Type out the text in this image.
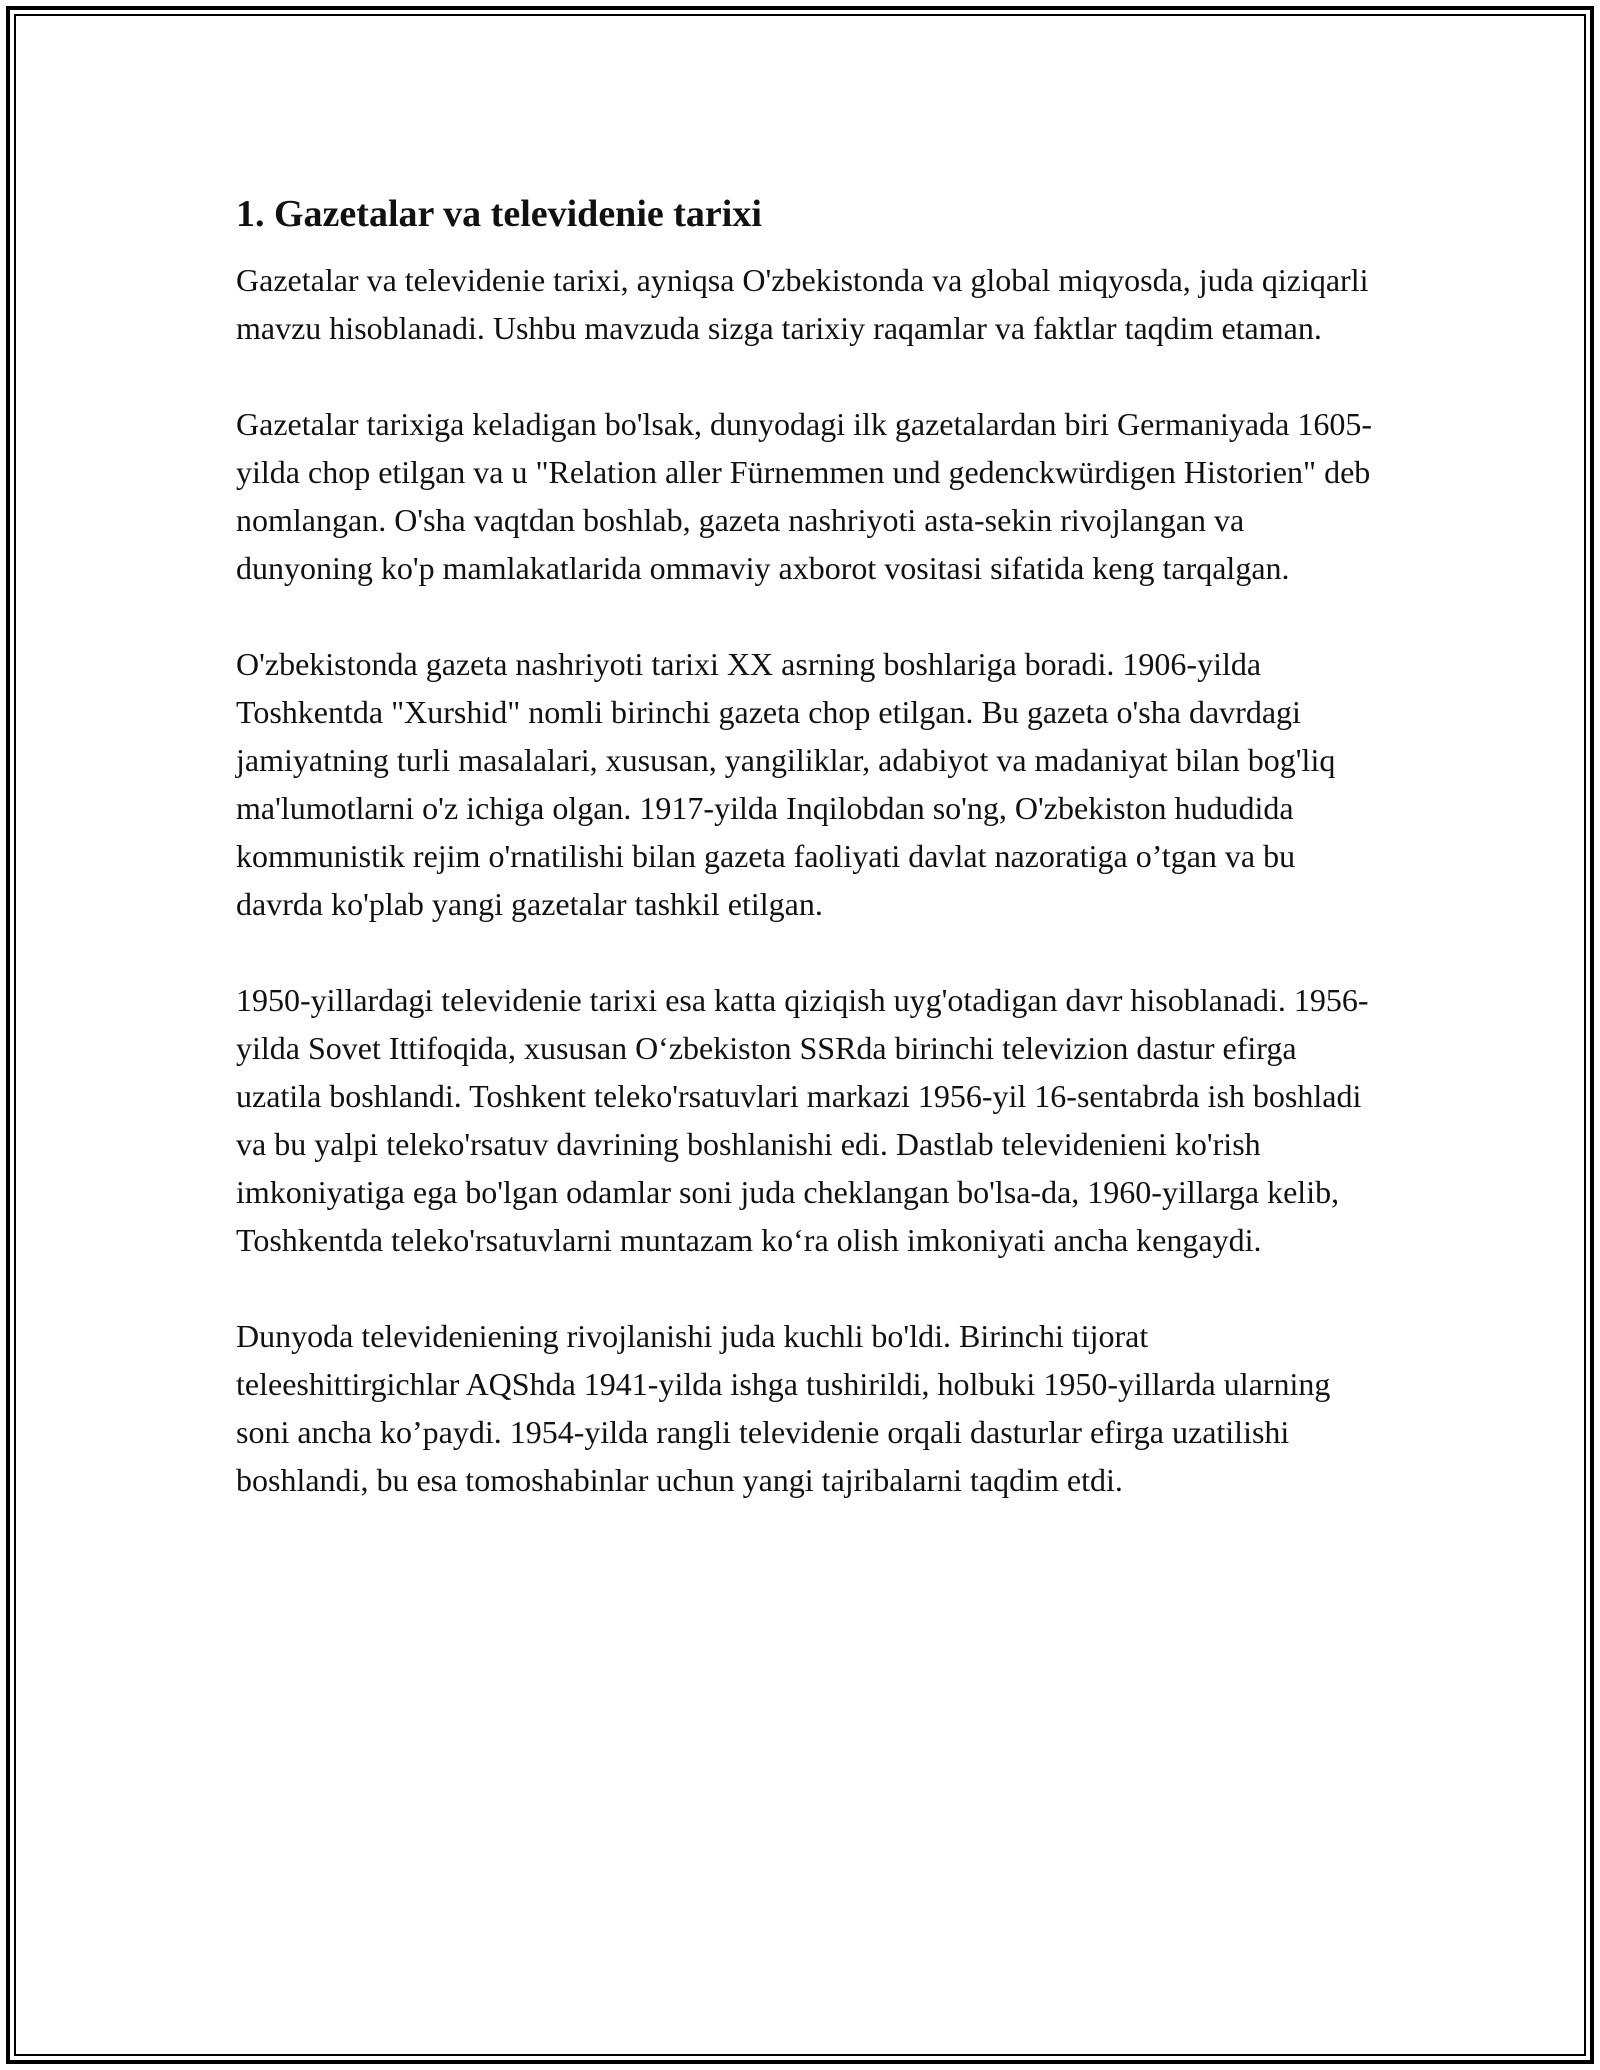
1. Gazetalar va televidenie tarixi

Gazetalar va televidenie tarixi, ayniqsa O'zbekistonda va global miqyosda, juda qiziqarli mavzu hisoblanadi. Ushbu mavzuda sizga tarixiy raqamlar va faktlar taqdim etaman.

Gazetalar tarixiga keladigan bo'lsak, dunyodagi ilk gazetalardan biri Germaniyada 1605-yilda chop etilgan va u "Relation aller Fürnemmen und gedenckwürdigen Historien" deb nomlangan. O'sha vaqtdan boshlab, gazeta nashriyoti asta-sekin rivojlangan va dunyoning ko'p mamlakatlarida ommaviy axborot vositasi sifatida keng tarqalgan.

O'zbekistonda gazeta nashriyoti tarixi XX asrning boshlariga boradi. 1906-yilda Toshkentda "Xurshid" nomli birinchi gazeta chop etilgan. Bu gazeta o'sha davrdagi jamiyatning turli masalalari, xususan, yangiliklar, adabiyot va madaniyat bilan bog'liq ma'lumotlarni o'z ichiga olgan. 1917-yilda Inqilobdan so'ng, O'zbekiston hududida kommunistik rejim o'rnatilishi bilan gazeta faoliyati davlat nazoratiga o’tgan va bu davrda ko'plab yangi gazetalar tashkil etilgan.

1950-yillardagi televidenie tarixi esa katta qiziqish uyg'otadigan davr hisoblanadi. 1956-yilda Sovet Ittifoqida, xususan O‘zbekiston SSRda birinchi televizion dastur efirga uzatila boshlandi. Toshkent teleko'rsatuvlari markazi 1956-yil 16-sentabrda ish boshladi va bu yalpi teleko'rsatuv davrining boshlanishi edi. Dastlab televidenieni ko'rish imkoniyatiga ega bo'lgan odamlar soni juda cheklangan bo'lsa-da, 1960-yillarga kelib, Toshkentda teleko'rsatuvlarni muntazam ko‘ra olish imkoniyati ancha kengaydi.

Dunyoda televideniening rivojlanishi juda kuchli bo'ldi. Birinchi tijorat teleeshittirgichlar AQShda 1941-yilda ishga tushirildi, holbuki 1950-yillarda ularning soni ancha ko’paydi. 1954-yilda rangli televidenie orqali dasturlar efirga uzatilishi boshlandi, bu esa tomoshabinlar uchun yangi tajribalarni taqdim etdi.
